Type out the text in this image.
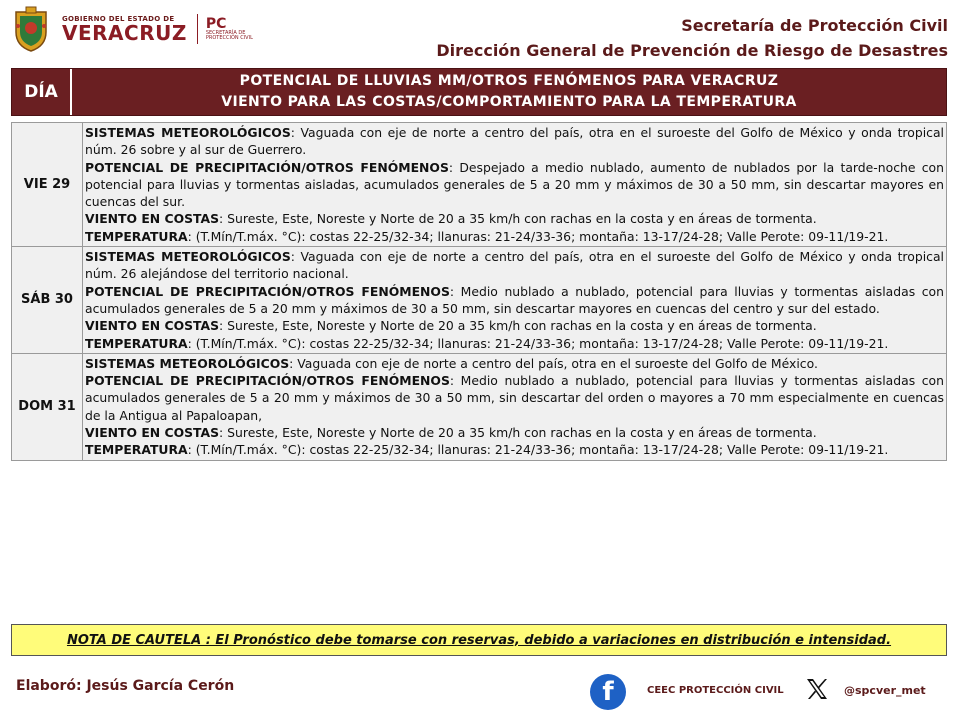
GOBIERNO DEL ESTADO DE
VERACRUZ PC
SECRETARÍA DE PROTECCIÓN CIVIL
Secretaría de Protección Civil
Dirección General de Prevención de Riesgo de Desastres
DÍA
POTENCIAL DE LLUVIAS MM/OTROS FENÓMENOS PARA VERACRUZ
VIENTO PARA LAS COSTAS/COMPORTAMIENTO PARA LA TEMPERATURA
VIE 29
SISTEMAS METEOROLÓGICOS: Vaguada con eje de norte a centro del país, otra en el suroeste del Golfo de México y onda tropical núm. 26 sobre y al sur de Guerrero.
POTENCIAL DE PRECIPITACIÓN/OTROS FENÓMENOS: Despejado a medio nublado, aumento de nublados por la tarde-noche con potencial para lluvias y tormentas aisladas, acumulados generales de 5 a 20 mm y máximos de 30 a 50 mm, sin descartar mayores en cuencas del sur.
VIENTO EN COSTAS: Sureste, Este, Noreste y Norte de 20 a 35 km/h con rachas en la costa y en áreas de tormenta.
TEMPERATURA: (T.Mín/T.máx. °C): costas 22-25/32-34; llanuras: 21-24/33-36; montaña: 13-17/24-28; Valle Perote: 09-11/19-21.
SÁB 30
SISTEMAS METEOROLÓGICOS: Vaguada con eje de norte a centro del país, otra en el suroeste del Golfo de México y onda tropical núm. 26 alejándose del territorio nacional.
POTENCIAL DE PRECIPITACIÓN/OTROS FENÓMENOS: Medio nublado a nublado, potencial para lluvias y tormentas aisladas con acumulados generales de 5 a 20 mm y máximos de 30 a 50 mm, sin descartar mayores en cuencas del centro y sur del estado.
VIENTO EN COSTAS: Sureste, Este, Noreste y Norte de 20 a 35 km/h con rachas en la costa y en áreas de tormenta.
TEMPERATURA: (T.Mín/T.máx. °C): costas 22-25/32-34; llanuras: 21-24/33-36; montaña: 13-17/24-28; Valle Perote: 09-11/19-21.
DOM 31
SISTEMAS METEOROLÓGICOS: Vaguada con eje de norte a centro del país, otra en el suroeste del Golfo de México.
POTENCIAL DE PRECIPITACIÓN/OTROS FENÓMENOS: Medio nublado a nublado, potencial para lluvias y tormentas aisladas con acumulados generales de 5 a 20 mm y máximos de 30 a 50 mm, sin descartar del orden o mayores a 70 mm especialmente en cuencas de la Antigua al Papaloapan,
VIENTO EN COSTAS: Sureste, Este, Noreste y Norte de 20 a 35 km/h con rachas en la costa y en áreas de tormenta.
TEMPERATURA: (T.Mín/T.máx. °C): costas 22-25/32-34; llanuras: 21-24/33-36; montaña: 13-17/24-28; Valle Perote: 09-11/19-21.
NOTA DE CAUTELA : El Pronóstico debe tomarse con reservas, debido a variaciones en distribución e intensidad.
Elaboró: Jesús García Cerón	f	CEEC PROTECCIÓN CIVIL	@spcver_met
